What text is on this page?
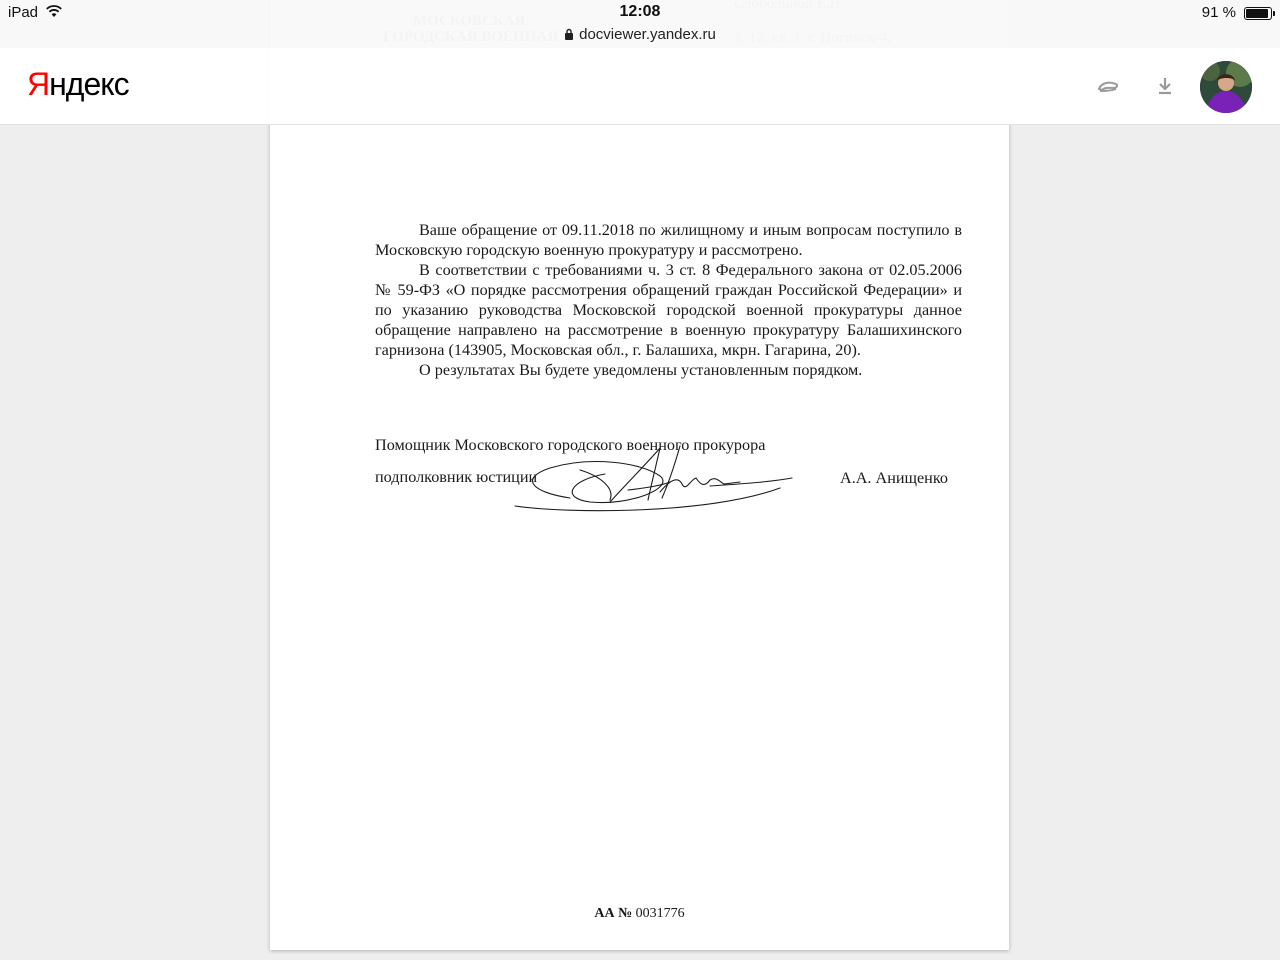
Ваше обращение от 09.11.2018 по жилищному и иным вопросам поступило в Московскую городскую военную прокуратуру и рассмотрено.

В соответствии с требованиями ч. 3 ст. 8 Федерального закона от 02.05.2006 № 59-ФЗ «О порядке рассмотрения обращений граждан Российской Федерации» и по указанию руководства Московской городской военной прокуратуры данное обращение направлено на рассмотрение в военную прокуратуру Балашихинского гарнизона (143905, Московская обл., г. Балашиха, мкрн. Гагарина, 20).

О результатах Вы будете уведомлены установленным порядком.

Помощник Московского городского военного прокурора
подполковник юстиции	А.А. Анищенко
АА № 0031776
iPad	12:08	91 %
docviewer.yandex.ru
Яндекс
